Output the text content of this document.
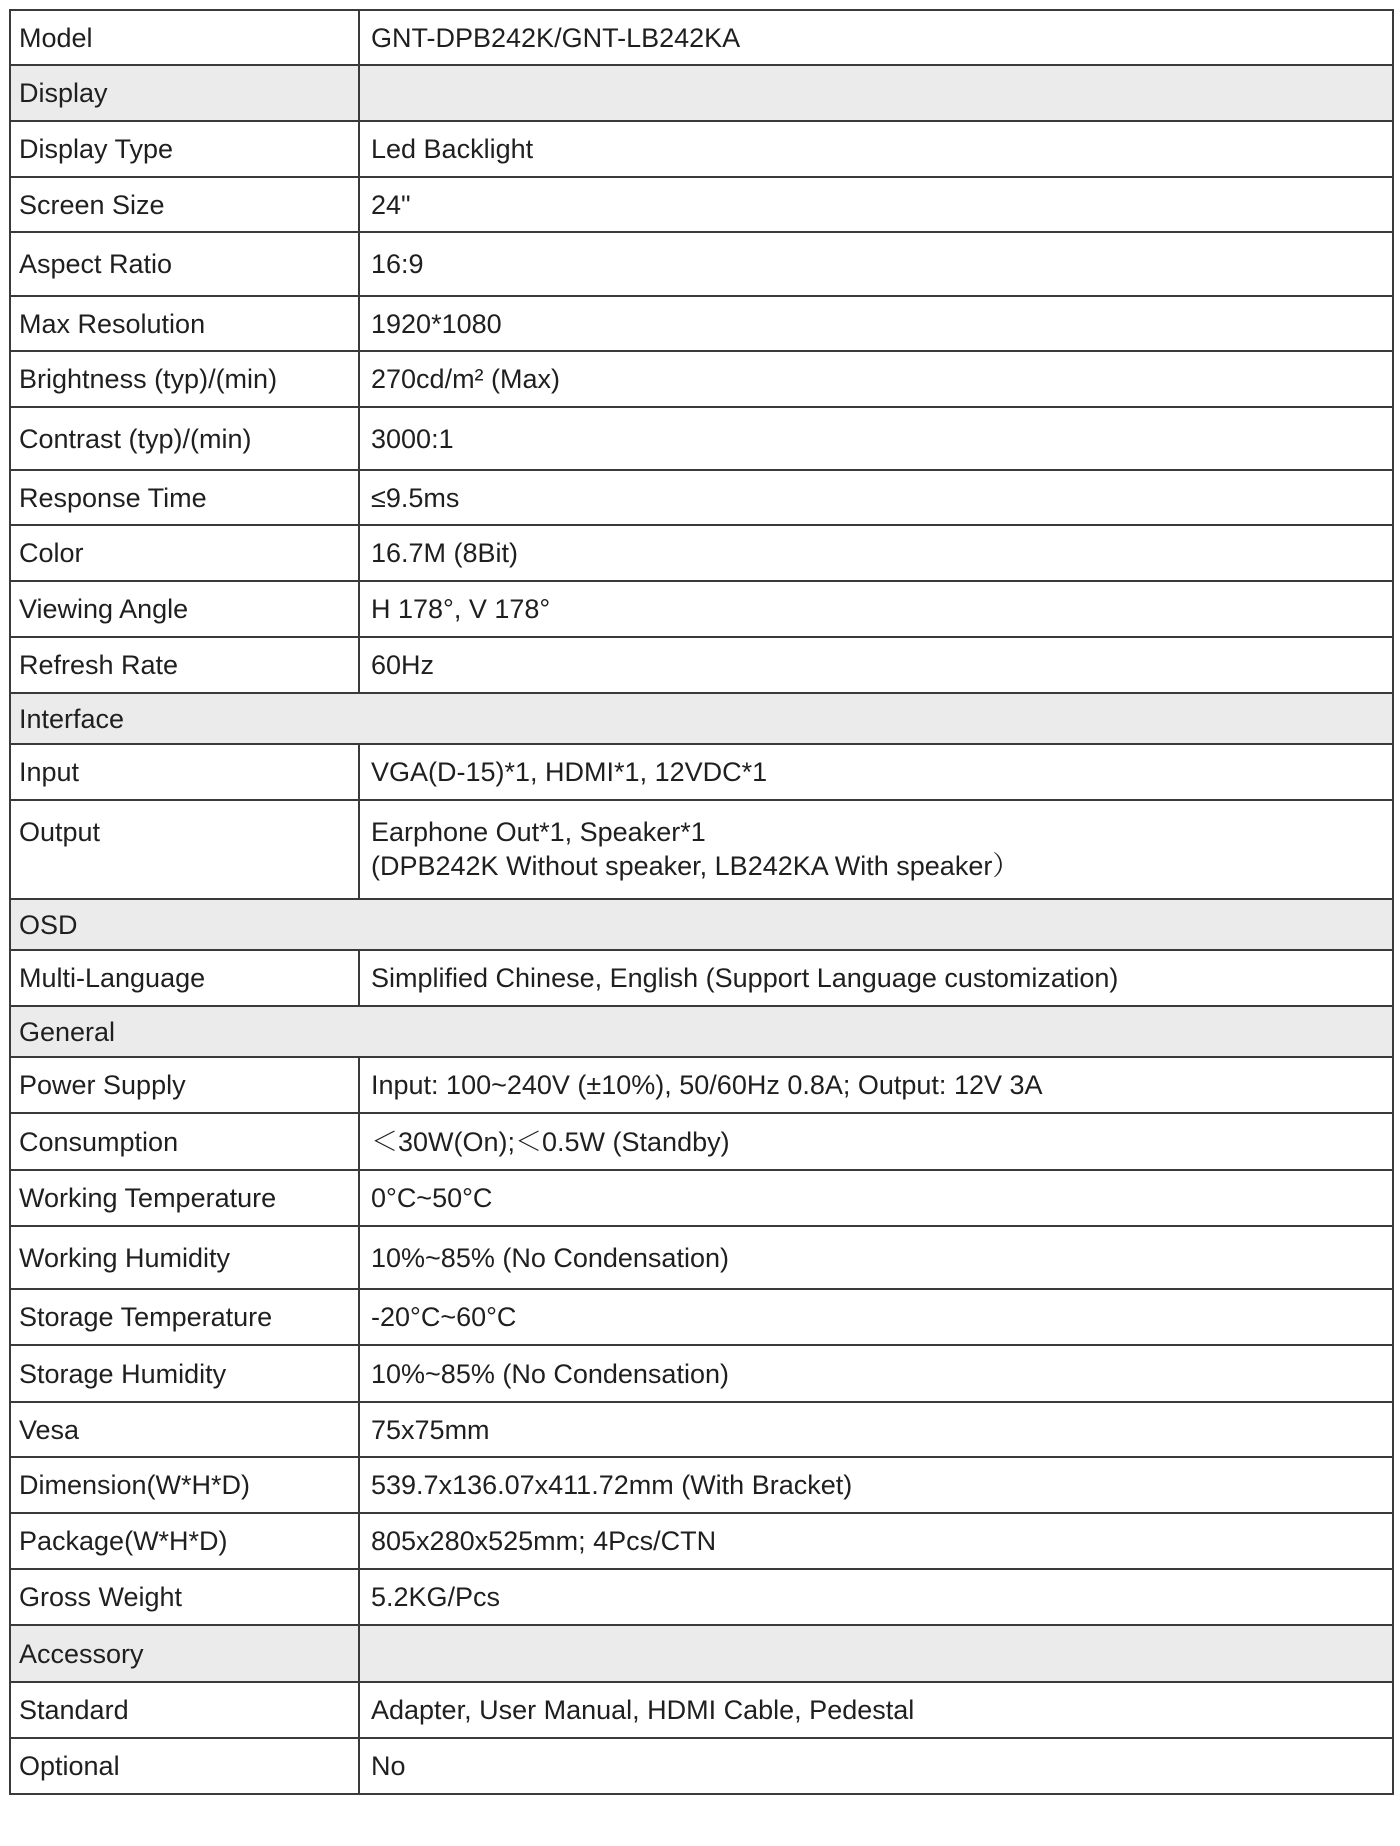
Model	GNT-DPB242K/GNT-LB242KA
Display	
Display Type	Led Backlight
Screen Size	24"
Aspect Ratio	16:9
Max Resolution	1920*1080
Brightness (typ)/(min)	270cd/m² (Max)
Contrast (typ)/(min)	3000:1
Response Time	≤9.5ms
Color	16.7M (8Bit)
Viewing Angle	H 178°, V 178°
Refresh Rate	60Hz
Interface	
Input	VGA(D-15)*1, HDMI*1, 12VDC*1
Output	Earphone Out*1, Speaker*1
(DPB242K Without speaker, LB242KA With speaker）

OSD	
Multi-Language	Simplified Chinese, English (Support Language customization)
General	
Power Supply	Input: 100~240V (±10%), 50/60Hz 0.8A; Output: 12V 3A
Consumption	＜30W(On);＜0.5W (Standby)
Working Temperature	0°C~50°C
Working Humidity	10%~85% (No Condensation)
Storage Temperature	-20°C~60°C
Storage Humidity	10%~85% (No Condensation)
Vesa	75x75mm
Dimension(W*H*D)	539.7x136.07x411.72mm (With Bracket)
Package(W*H*D)	805x280x525mm; 4Pcs/CTN
Gross Weight	5.2KG/Pcs
Accessory	
Standard	Adapter, User Manual, HDMI Cable, Pedestal
Optional	No
